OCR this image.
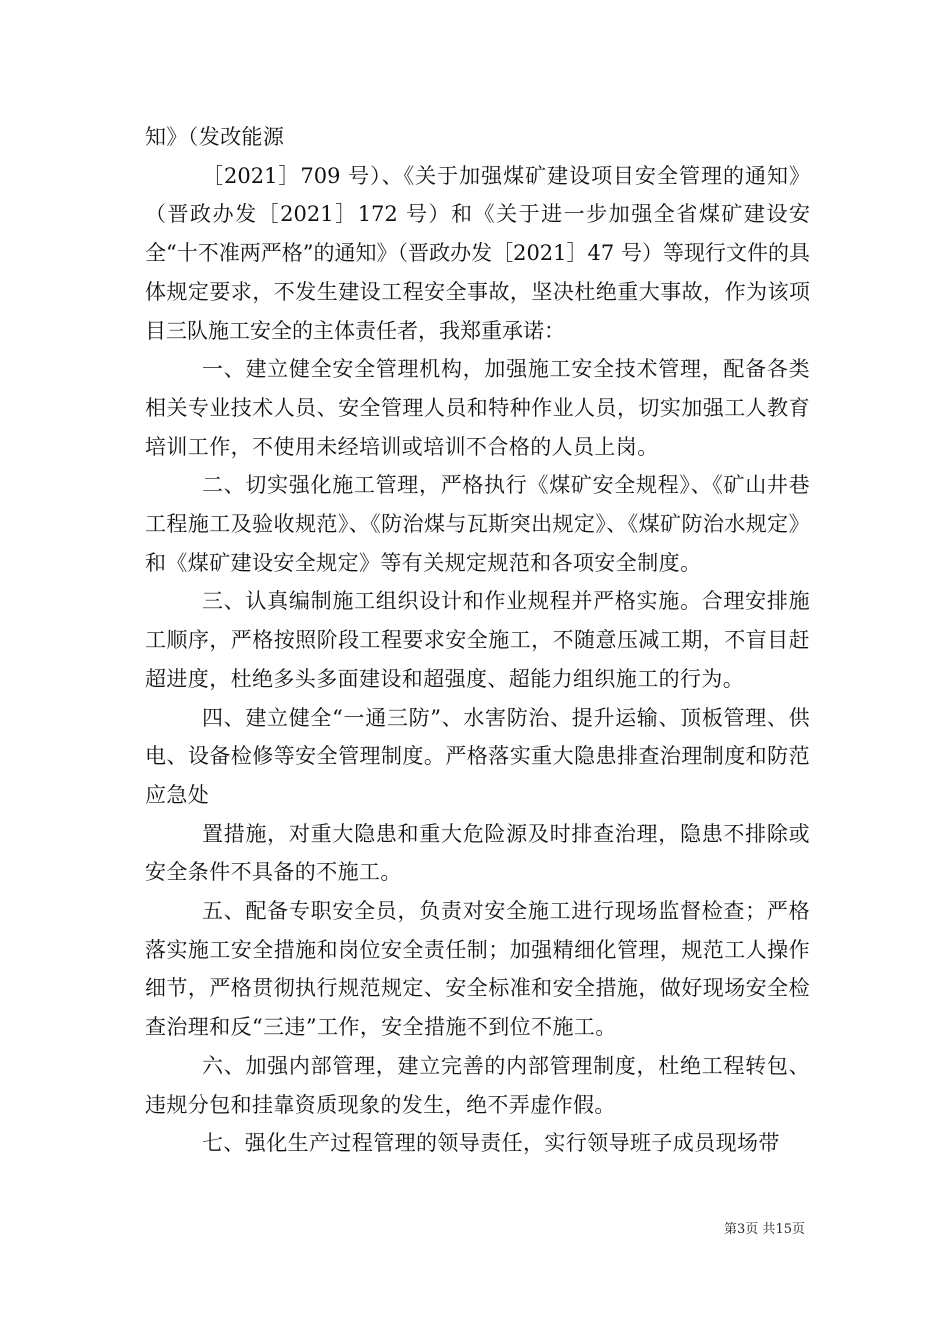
知》（发改能源

［2021］709 号）、《关于加强煤矿建设项目安全管理的通知》（晋政办发［2021］172 号）和《关于进一步加强全省煤矿建设安全“十不准两严格”的通知》（晋政办发［2021］47 号）等现行文件的具体规定要求，不发生建设工程安全事故，坚决杜绝重大事故，作为该项目三队施工安全的主体责任者，我郑重承诺：

一、建立健全安全管理机构，加强施工安全技术管理，配备各类相关专业技术人员、安全管理人员和特种作业人员，切实加强工人教育培训工作，不使用未经培训或培训不合格的人员上岗。

二、切实强化施工管理，严格执行《煤矿安全规程》、《矿山井巷工程施工及验收规范》、《防治煤与瓦斯突出规定》、《煤矿防治水规定》和《煤矿建设安全规定》等有关规定规范和各项安全制度。

三、认真编制施工组织设计和作业规程并严格实施。合理安排施工顺序，严格按照阶段工程要求安全施工，不随意压减工期，不盲目赶超进度，杜绝多头多面建设和超强度、超能力组织施工的行为。

四、建立健全“一通三防”、水害防治、提升运输、顶板管理、供电、设备检修等安全管理制度。严格落实重大隐患排查治理制度和防范应急处

置措施，对重大隐患和重大危险源及时排查治理，隐患不排除或安全条件不具备的不施工。

五、配备专职安全员，负责对安全施工进行现场监督检查；严格落实施工安全措施和岗位安全责任制；加强精细化管理，规范工人操作细节，严格贯彻执行规范规定、安全标准和安全措施，做好现场安全检查治理和反“三违”工作，安全措施不到位不施工。

六、加强内部管理，建立完善的内部管理制度，杜绝工程转包、违规分包和挂靠资质现象的发生，绝不弄虚作假。

七、强化生产过程管理的领导责任，实行领导班子成员现场带

第3页 共15页
